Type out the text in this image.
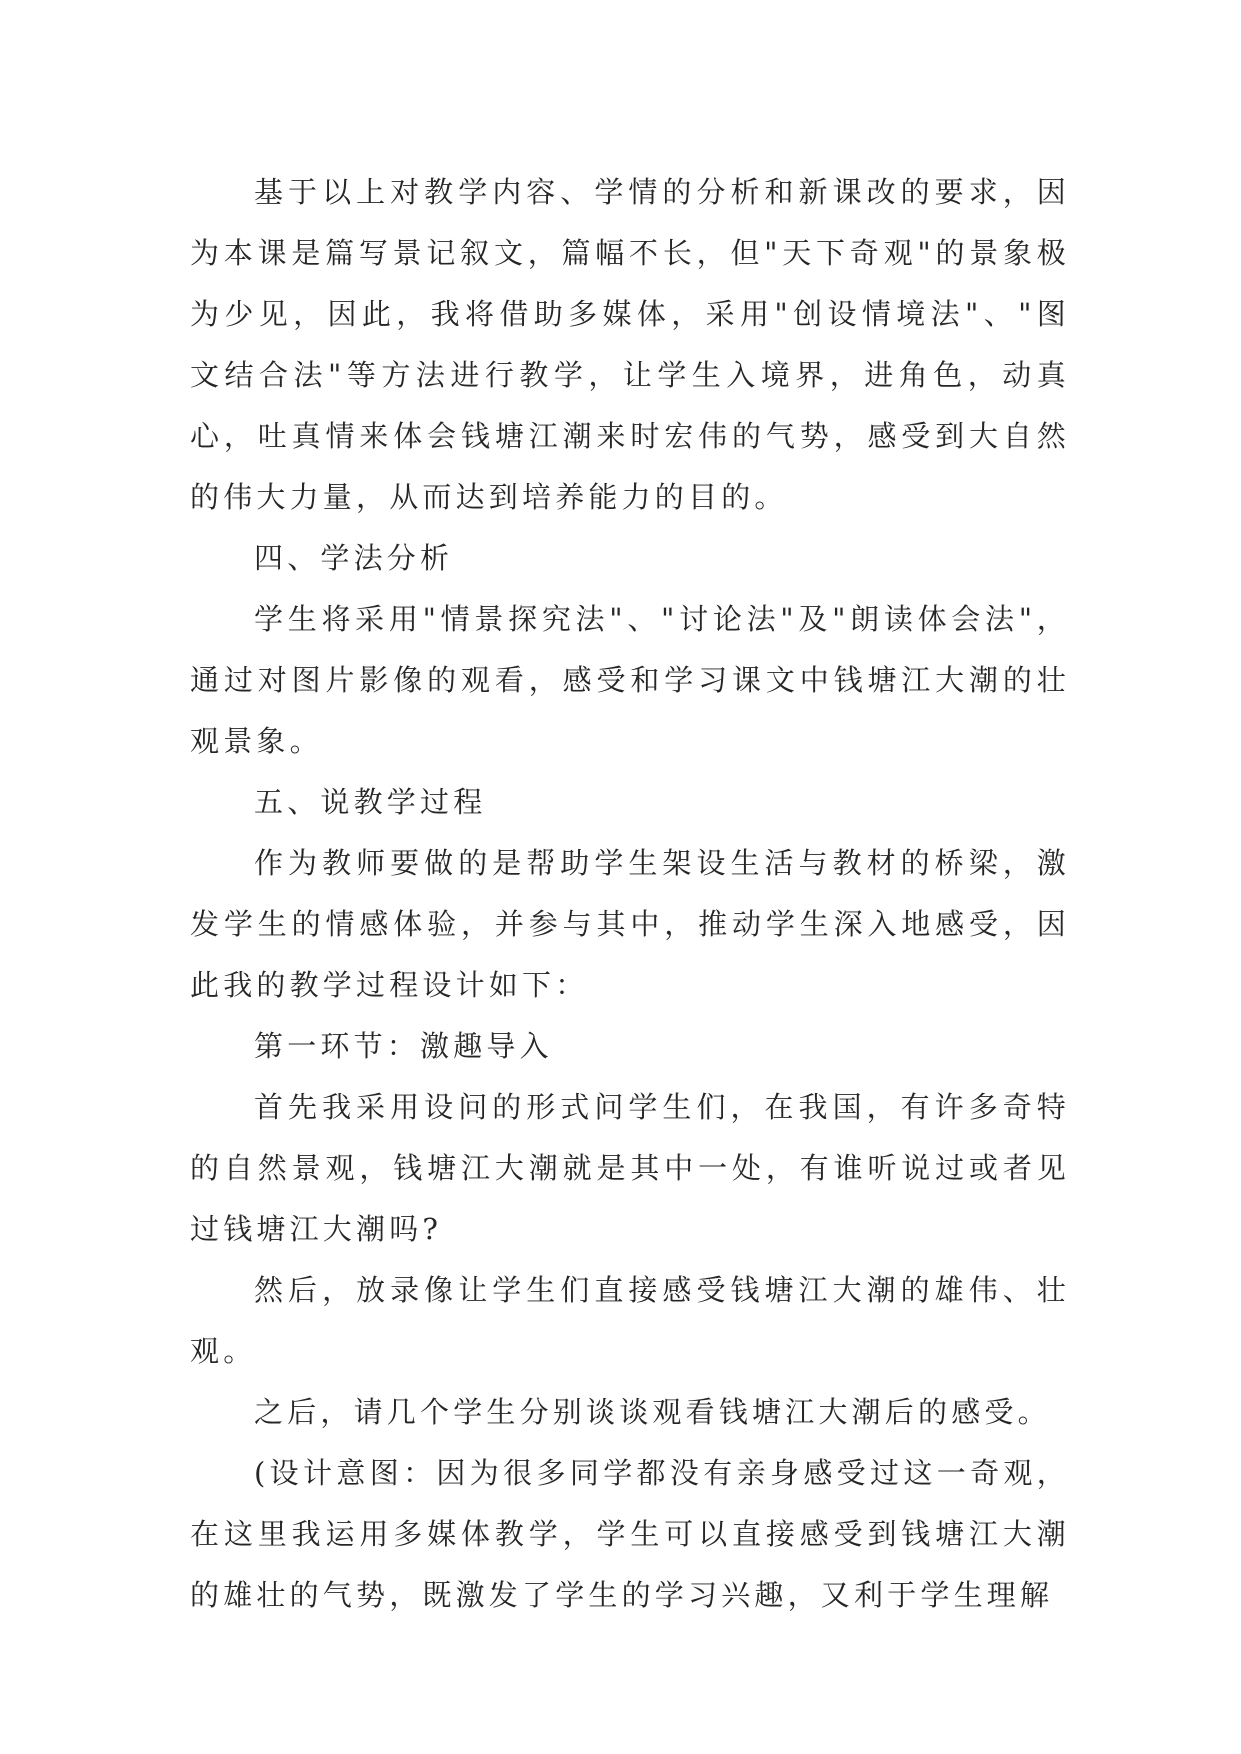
基于以上对教学内容、学情的分析和新课改的要求，因为本课是篇写景记叙文，篇幅不长，但"天下奇观"的景象极为少见，因此，我将借助多媒体，采用"创设情境法"、"图文结合法"等方法进行教学，让学生入境界，进角色，动真心，吐真情来体会钱塘江潮来时宏伟的气势，感受到大自然的伟大力量，从而达到培养能力的目的。

四、学法分析

学生将采用"情景探究法"、"讨论法"及"朗读体会法"，通过对图片影像的观看，感受和学习课文中钱塘江大潮的壮观景象。

五、说教学过程

作为教师要做的是帮助学生架设生活与教材的桥梁，激发学生的情感体验，并参与其中，推动学生深入地感受，因此我的教学过程设计如下：

第一环节：激趣导入

首先我采用设问的形式问学生们，在我国，有许多奇特的自然景观，钱塘江大潮就是其中一处，有谁听说过或者见过钱塘江大潮吗?

然后，放录像让学生们直接感受钱塘江大潮的雄伟、壮观。

之后，请几个学生分别谈谈观看钱塘江大潮后的感受。

(设计意图：因为很多同学都没有亲身感受过这一奇观，在这里我运用多媒体教学，学生可以直接感受到钱塘江大潮的雄壮的气势，既激发了学生的学习兴趣，又利于学生理解
